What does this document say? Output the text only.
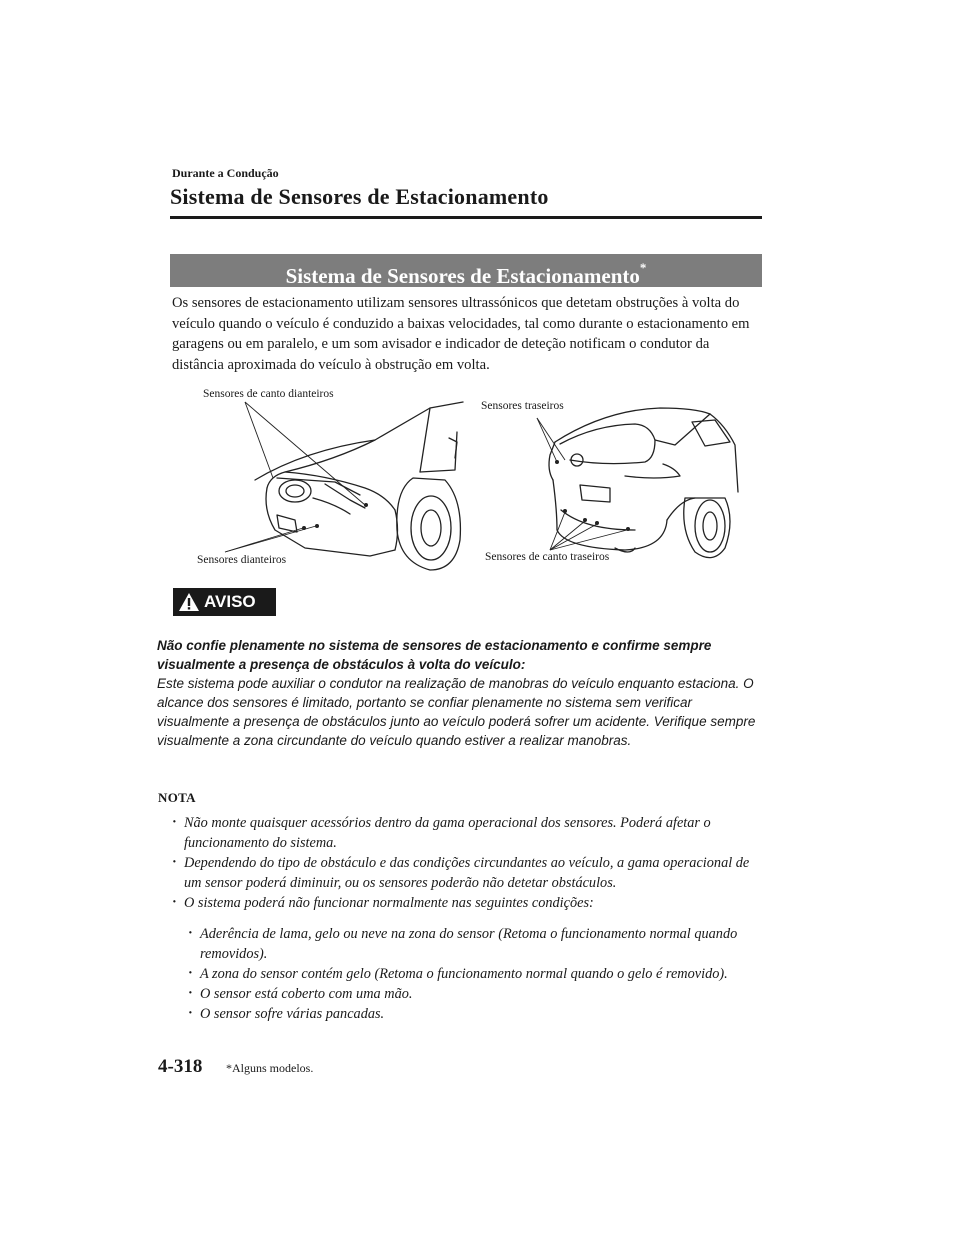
Durante a Condução
Sistema de Sensores de Estacionamento
Sistema de Sensores de Estacionamento*
Os sensores de estacionamento utilizam sensores ultrassónicos que detetam obstruções à volta do veículo quando o veículo é conduzido a baixas velocidades, tal como durante o estacionamento em garagens ou em paralelo, e um som avisador e indicador de deteção notificam o condutor da distância aproximada do veículo à obstrução em volta.
Sensores de canto dianteiros
Sensores dianteiros
Sensores traseiros
Sensores de canto traseiros
AVISO
Não confie plenamente no sistema de sensores de estacionamento e confirme sempre visualmente a presença de obstáculos à volta do veículo:
Este sistema pode auxiliar o condutor na realização de manobras do veículo enquanto estaciona. O alcance dos sensores é limitado, portanto se confiar plenamente no sistema sem verificar visualmente a presença de obstáculos junto ao veículo poderá sofrer um acidente. Verifique sempre visualmente a zona circundante do veículo quando estiver a realizar manobras.
NOTA
· Não monte quaisquer acessórios dentro da gama operacional dos sensores. Poderá afetar o funcionamento do sistema.
· Dependendo do tipo de obstáculo e das condições circundantes ao veículo, a gama operacional de um sensor poderá diminuir, ou os sensores poderão não detetar obstáculos.
· O sistema poderá não funcionar normalmente nas seguintes condições:
· Aderência de lama, gelo ou neve na zona do sensor (Retoma o funcionamento normal quando removidos).
· A zona do sensor contém gelo (Retoma o funcionamento normal quando o gelo é removido).
· O sensor está coberto com uma mão.
· O sensor sofre várias pancadas.
4-318 *Alguns modelos.
